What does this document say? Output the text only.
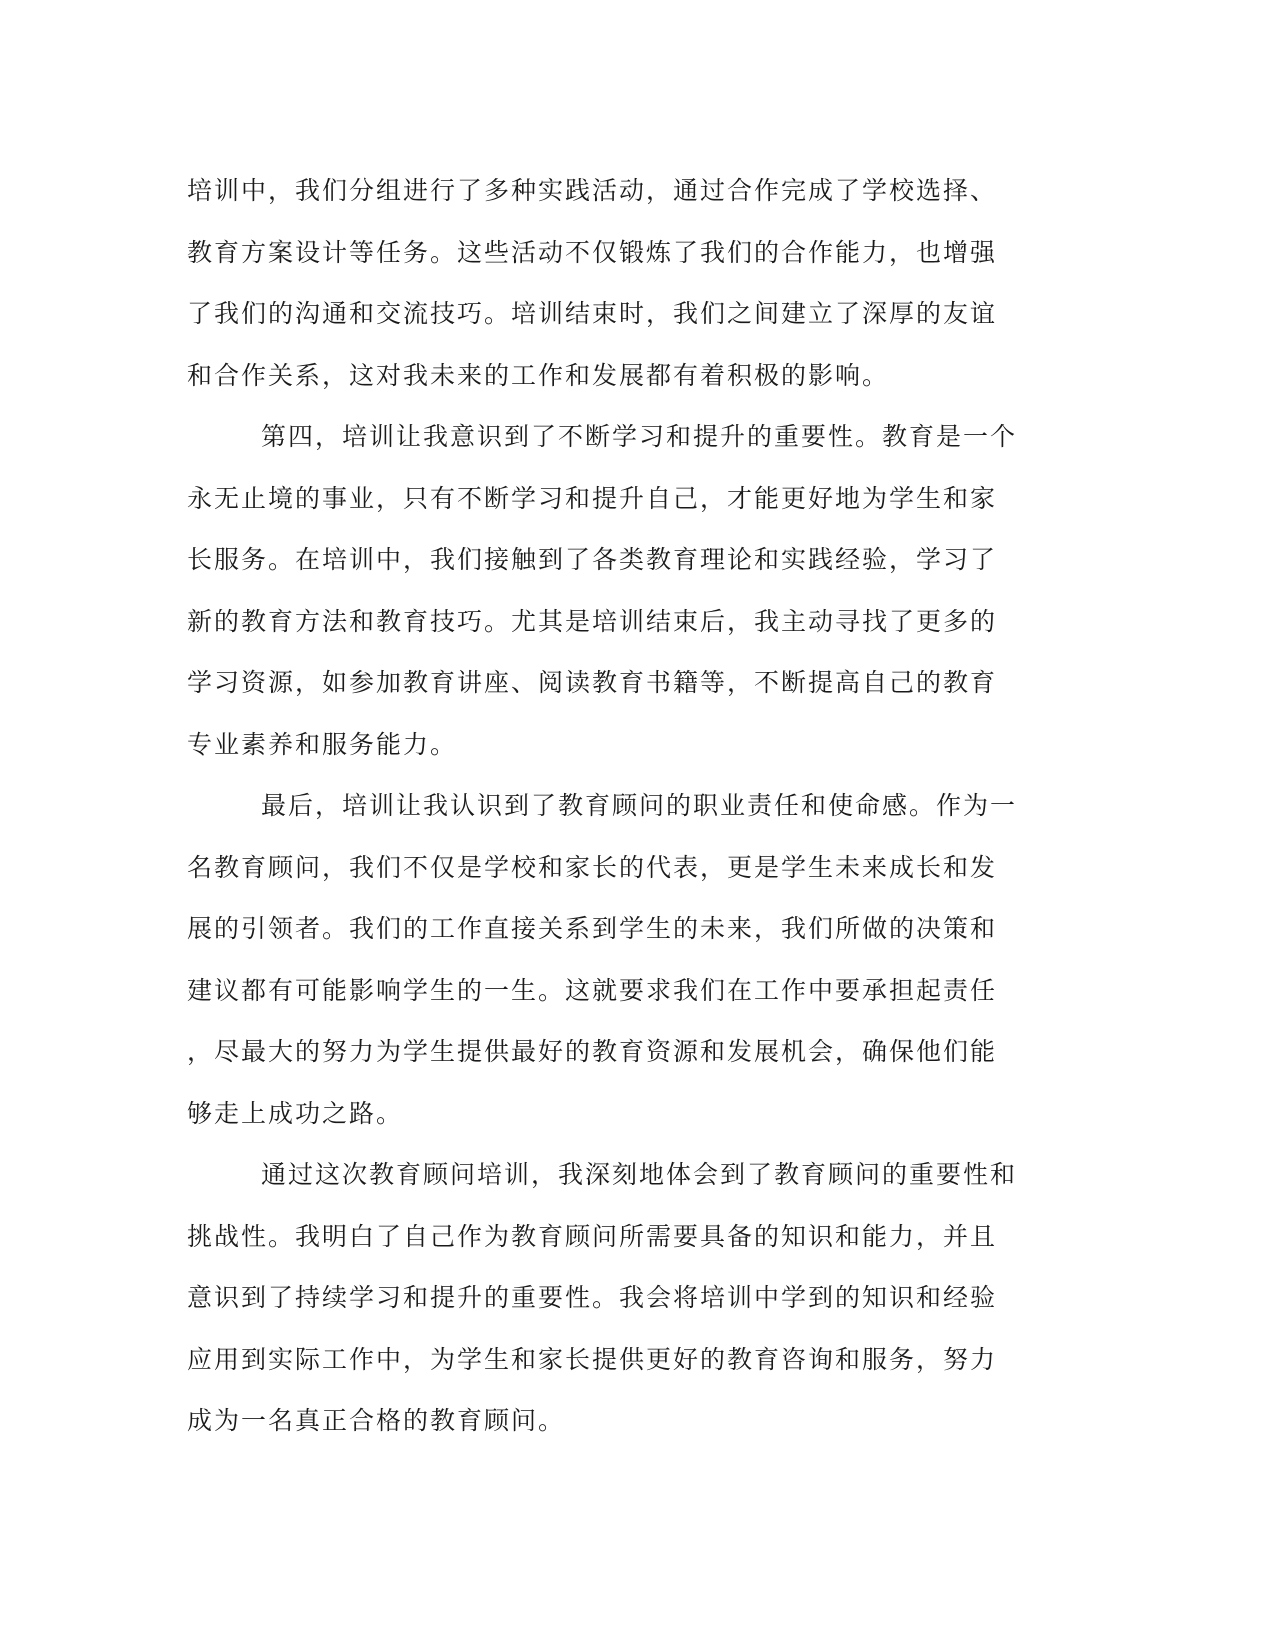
培训中，我们分组进行了多种实践活动，通过合作完成了学校选择、
教育方案设计等任务。这些活动不仅锻炼了我们的合作能力，也增强
了我们的沟通和交流技巧。培训结束时，我们之间建立了深厚的友谊
和合作关系，这对我未来的工作和发展都有着积极的影响。
第四，培训让我意识到了不断学习和提升的重要性。教育是一个
永无止境的事业，只有不断学习和提升自己，才能更好地为学生和家
长服务。在培训中，我们接触到了各类教育理论和实践经验，学习了
新的教育方法和教育技巧。尤其是培训结束后，我主动寻找了更多的
学习资源，如参加教育讲座、阅读教育书籍等，不断提高自己的教育
专业素养和服务能力。
最后，培训让我认识到了教育顾问的职业责任和使命感。作为一
名教育顾问，我们不仅是学校和家长的代表，更是学生未来成长和发
展的引领者。我们的工作直接关系到学生的未来，我们所做的决策和
建议都有可能影响学生的一生。这就要求我们在工作中要承担起责任
，尽最大的努力为学生提供最好的教育资源和发展机会，确保他们能
够走上成功之路。
通过这次教育顾问培训，我深刻地体会到了教育顾问的重要性和
挑战性。我明白了自己作为教育顾问所需要具备的知识和能力，并且
意识到了持续学习和提升的重要性。我会将培训中学到的知识和经验
应用到实际工作中，为学生和家长提供更好的教育咨询和服务，努力
成为一名真正合格的教育顾问。
